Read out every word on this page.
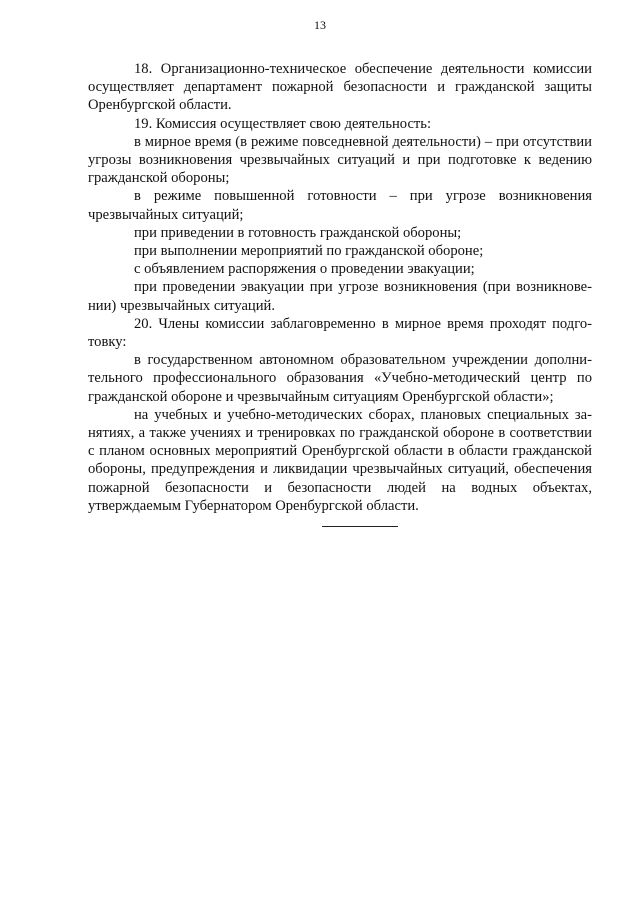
13

18. Организационно-техническое обеспечение деятельности комиссии осуществляет департамент пожарной безопасности и гражданской защиты Оренбургской области.

19. Комиссия осуществляет свою деятельность:

в мирное время (в режиме повседневной деятельности) – при отсутствии угрозы возникновения чрезвычайных ситуаций и при подготовке к ведению гражданской обороны;

в режиме повышенной готовности – при угрозе возникновения чрезвычайных ситуаций;

при приведении в готовность гражданской обороны;

при выполнении мероприятий по гражданской обороне;

с объявлением распоряжения о проведении эвакуации;

при проведении эвакуации при угрозе возникновения (при возникновении) чрезвычайных ситуаций.

20. Члены комиссии заблаговременно в мирное время проходят подготовку:

в государственном автономном образовательном учреждении дополнительного профессионального образования «Учебно-методический центр по гражданской обороне и чрезвычайным ситуациям Оренбургской области»;

на учебных и учебно-методических сборах, плановых специальных занятиях, а также учениях и тренировках по гражданской обороне в соответствии с планом основных мероприятий Оренбургской области в области гражданской обороны, предупреждения и ликвидации чрезвычайных ситуаций, обеспечения пожарной безопасности и безопасности людей на водных объектах, утверждаемым Губернатором Оренбургской области.
